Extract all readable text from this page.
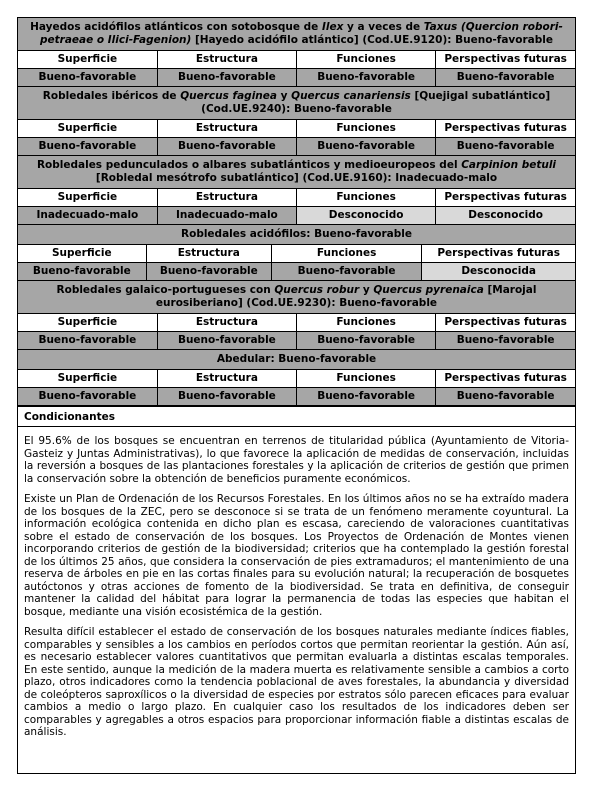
Hayedos acidófilos atlánticos con sotobosque de Ilex y a veces de Taxus (Quercion robori-petraeae o Ilici-Fagenion) [Hayedo acidófilo atlántico] (Cod.UE.9120): Bueno-favorable			
Superficie	Estructura	Funciones	Perspectivas futuras
Bueno-favorable	Bueno-favorable	Bueno-favorable	Bueno-favorable
Robledales ibéricos de Quercus faginea y Quercus canariensis [Quejigal subatlántico] (Cod.UE.9240): Bueno-favorable			
Superficie	Estructura	Funciones	Perspectivas futuras
Bueno-favorable	Bueno-favorable	Bueno-favorable	Bueno-favorable
Robledales pedunculados o albares subatlánticos y medioeuropeos del Carpinion betuli [Robledal mesótrofo subatlántico] (Cod.UE.9160): Inadecuado-malo			
Superficie	Estructura	Funciones	Perspectivas futuras
Inadecuado-malo	Inadecuado-malo	Desconocido	Desconocido
Robledales acidófilos: Bueno-favorable			
Superficie	Estructura	Funciones	Perspectivas futuras
Bueno-favorable	Bueno-favorable	Bueno-favorable	Desconocida
Robledales galaico-portugueses con Quercus robur y Quercus pyrenaica [Marojal eurosiberiano] (Cod.UE.9230): Bueno-favorable			
Superficie	Estructura	Funciones	Perspectivas futuras
Bueno-favorable	Bueno-favorable	Bueno-favorable	Bueno-favorable
Abedular: Bueno-favorable			
Superficie	Estructura	Funciones	Perspectivas futuras
Bueno-favorable	Bueno-favorable	Bueno-favorable	Bueno-favorable
Condicionantes

El 95.6% de los bosques se encuentran en terrenos de titularidad pública (Ayuntamiento de Vitoria-Gasteiz y Juntas Administrativas), lo que favorece la aplicación de medidas de conservación, incluidas la reversión a bosques de las plantaciones forestales y la aplicación de criterios de gestión que primen la conservación sobre la obtención de beneficios puramente económicos.

Existe un Plan de Ordenación de los Recursos Forestales. En los últimos años no se ha extraído madera de los bosques de la ZEC, pero se desconoce si se trata de un fenómeno meramente coyuntural. La información ecológica contenida en dicho plan es escasa, careciendo de valoraciones cuantitativas sobre el estado de conservación de los bosques. Los Proyectos de Ordenación de Montes vienen incorporando criterios de gestión de la biodiversidad; criterios que ha contemplado la gestión forestal de los últimos 25 años, que considera la conservación de pies extramaduros; el mantenimiento de una reserva de árboles en pie en las cortas finales para su evolución natural; la recuperación de bosquetes autóctonos y otras acciones de fomento de la biodiversidad. Se trata en definitiva, de conseguir mantener la calidad del hábitat para lograr la permanencia de todas las especies que habitan el bosque, mediante una visión ecosistémica de la gestión.

Resulta difícil establecer el estado de conservación de los bosques naturales mediante índices fiables, comparables y sensibles a los cambios en períodos cortos que permitan reorientar la gestión. Aún así, es necesario establecer valores cuantitativos que permitan evaluarla a distintas escalas temporales. En este sentido, aunque la medición de la madera muerta es relativamente sensible a cambios a corto plazo, otros indicadores como la tendencia poblacional de aves forestales, la abundancia y diversidad de coleópteros saproxílicos o la diversidad de especies por estratos sólo parecen eficaces para evaluar cambios a medio o largo plazo. En cualquier caso los resultados de los indicadores deben ser comparables y agregables a otros espacios para proporcionar información fiable a distintas escalas de análisis.
